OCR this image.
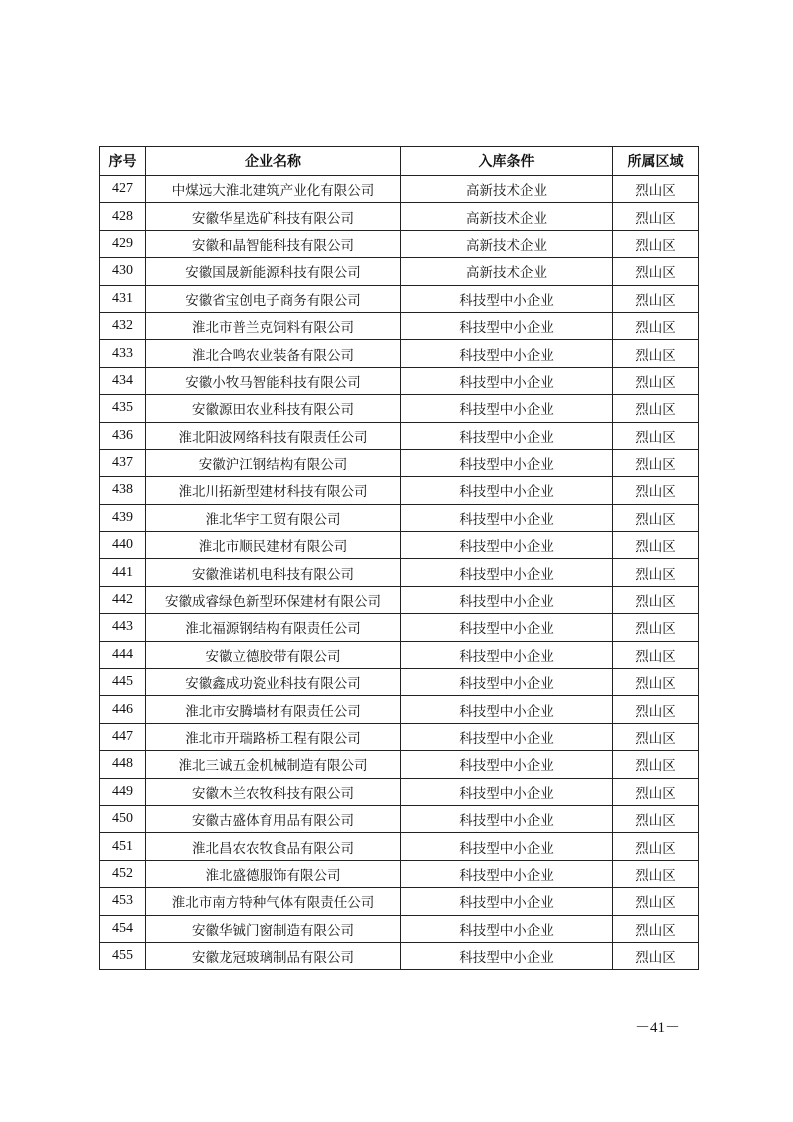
序号	企业名称	入库条件	所属区域
427	中煤远大淮北建筑产业化有限公司	高新技术企业	烈山区
428	安徽华星选矿科技有限公司	高新技术企业	烈山区
429	安徽和晶智能科技有限公司	高新技术企业	烈山区
430	安徽国晟新能源科技有限公司	高新技术企业	烈山区
431	安徽省宝创电子商务有限公司	科技型中小企业	烈山区
432	淮北市普兰克饲料有限公司	科技型中小企业	烈山区
433	淮北合鸣农业装备有限公司	科技型中小企业	烈山区
434	安徽小牧马智能科技有限公司	科技型中小企业	烈山区
435	安徽源田农业科技有限公司	科技型中小企业	烈山区
436	淮北阳波网络科技有限责任公司	科技型中小企业	烈山区
437	安徽沪江钢结构有限公司	科技型中小企业	烈山区
438	淮北川拓新型建材科技有限公司	科技型中小企业	烈山区
439	淮北华宇工贸有限公司	科技型中小企业	烈山区
440	淮北市顺民建材有限公司	科技型中小企业	烈山区
441	安徽淮诺机电科技有限公司	科技型中小企业	烈山区
442	安徽成睿绿色新型环保建材有限公司	科技型中小企业	烈山区
443	淮北福源钢结构有限责任公司	科技型中小企业	烈山区
444	安徽立德胶带有限公司	科技型中小企业	烈山区
445	安徽鑫成功瓷业科技有限公司	科技型中小企业	烈山区
446	淮北市安腾墙材有限责任公司	科技型中小企业	烈山区
447	淮北市开瑞路桥工程有限公司	科技型中小企业	烈山区
448	淮北三诚五金机械制造有限公司	科技型中小企业	烈山区
449	安徽木兰农牧科技有限公司	科技型中小企业	烈山区
450	安徽古盛体育用品有限公司	科技型中小企业	烈山区
451	淮北昌农农牧食品有限公司	科技型中小企业	烈山区
452	淮北盛德服饰有限公司	科技型中小企业	烈山区
453	淮北市南方特种气体有限责任公司	科技型中小企业	烈山区
454	安徽华铖门窗制造有限公司	科技型中小企业	烈山区
455	安徽龙冠玻璃制品有限公司	科技型中小企业	烈山区
－41－
